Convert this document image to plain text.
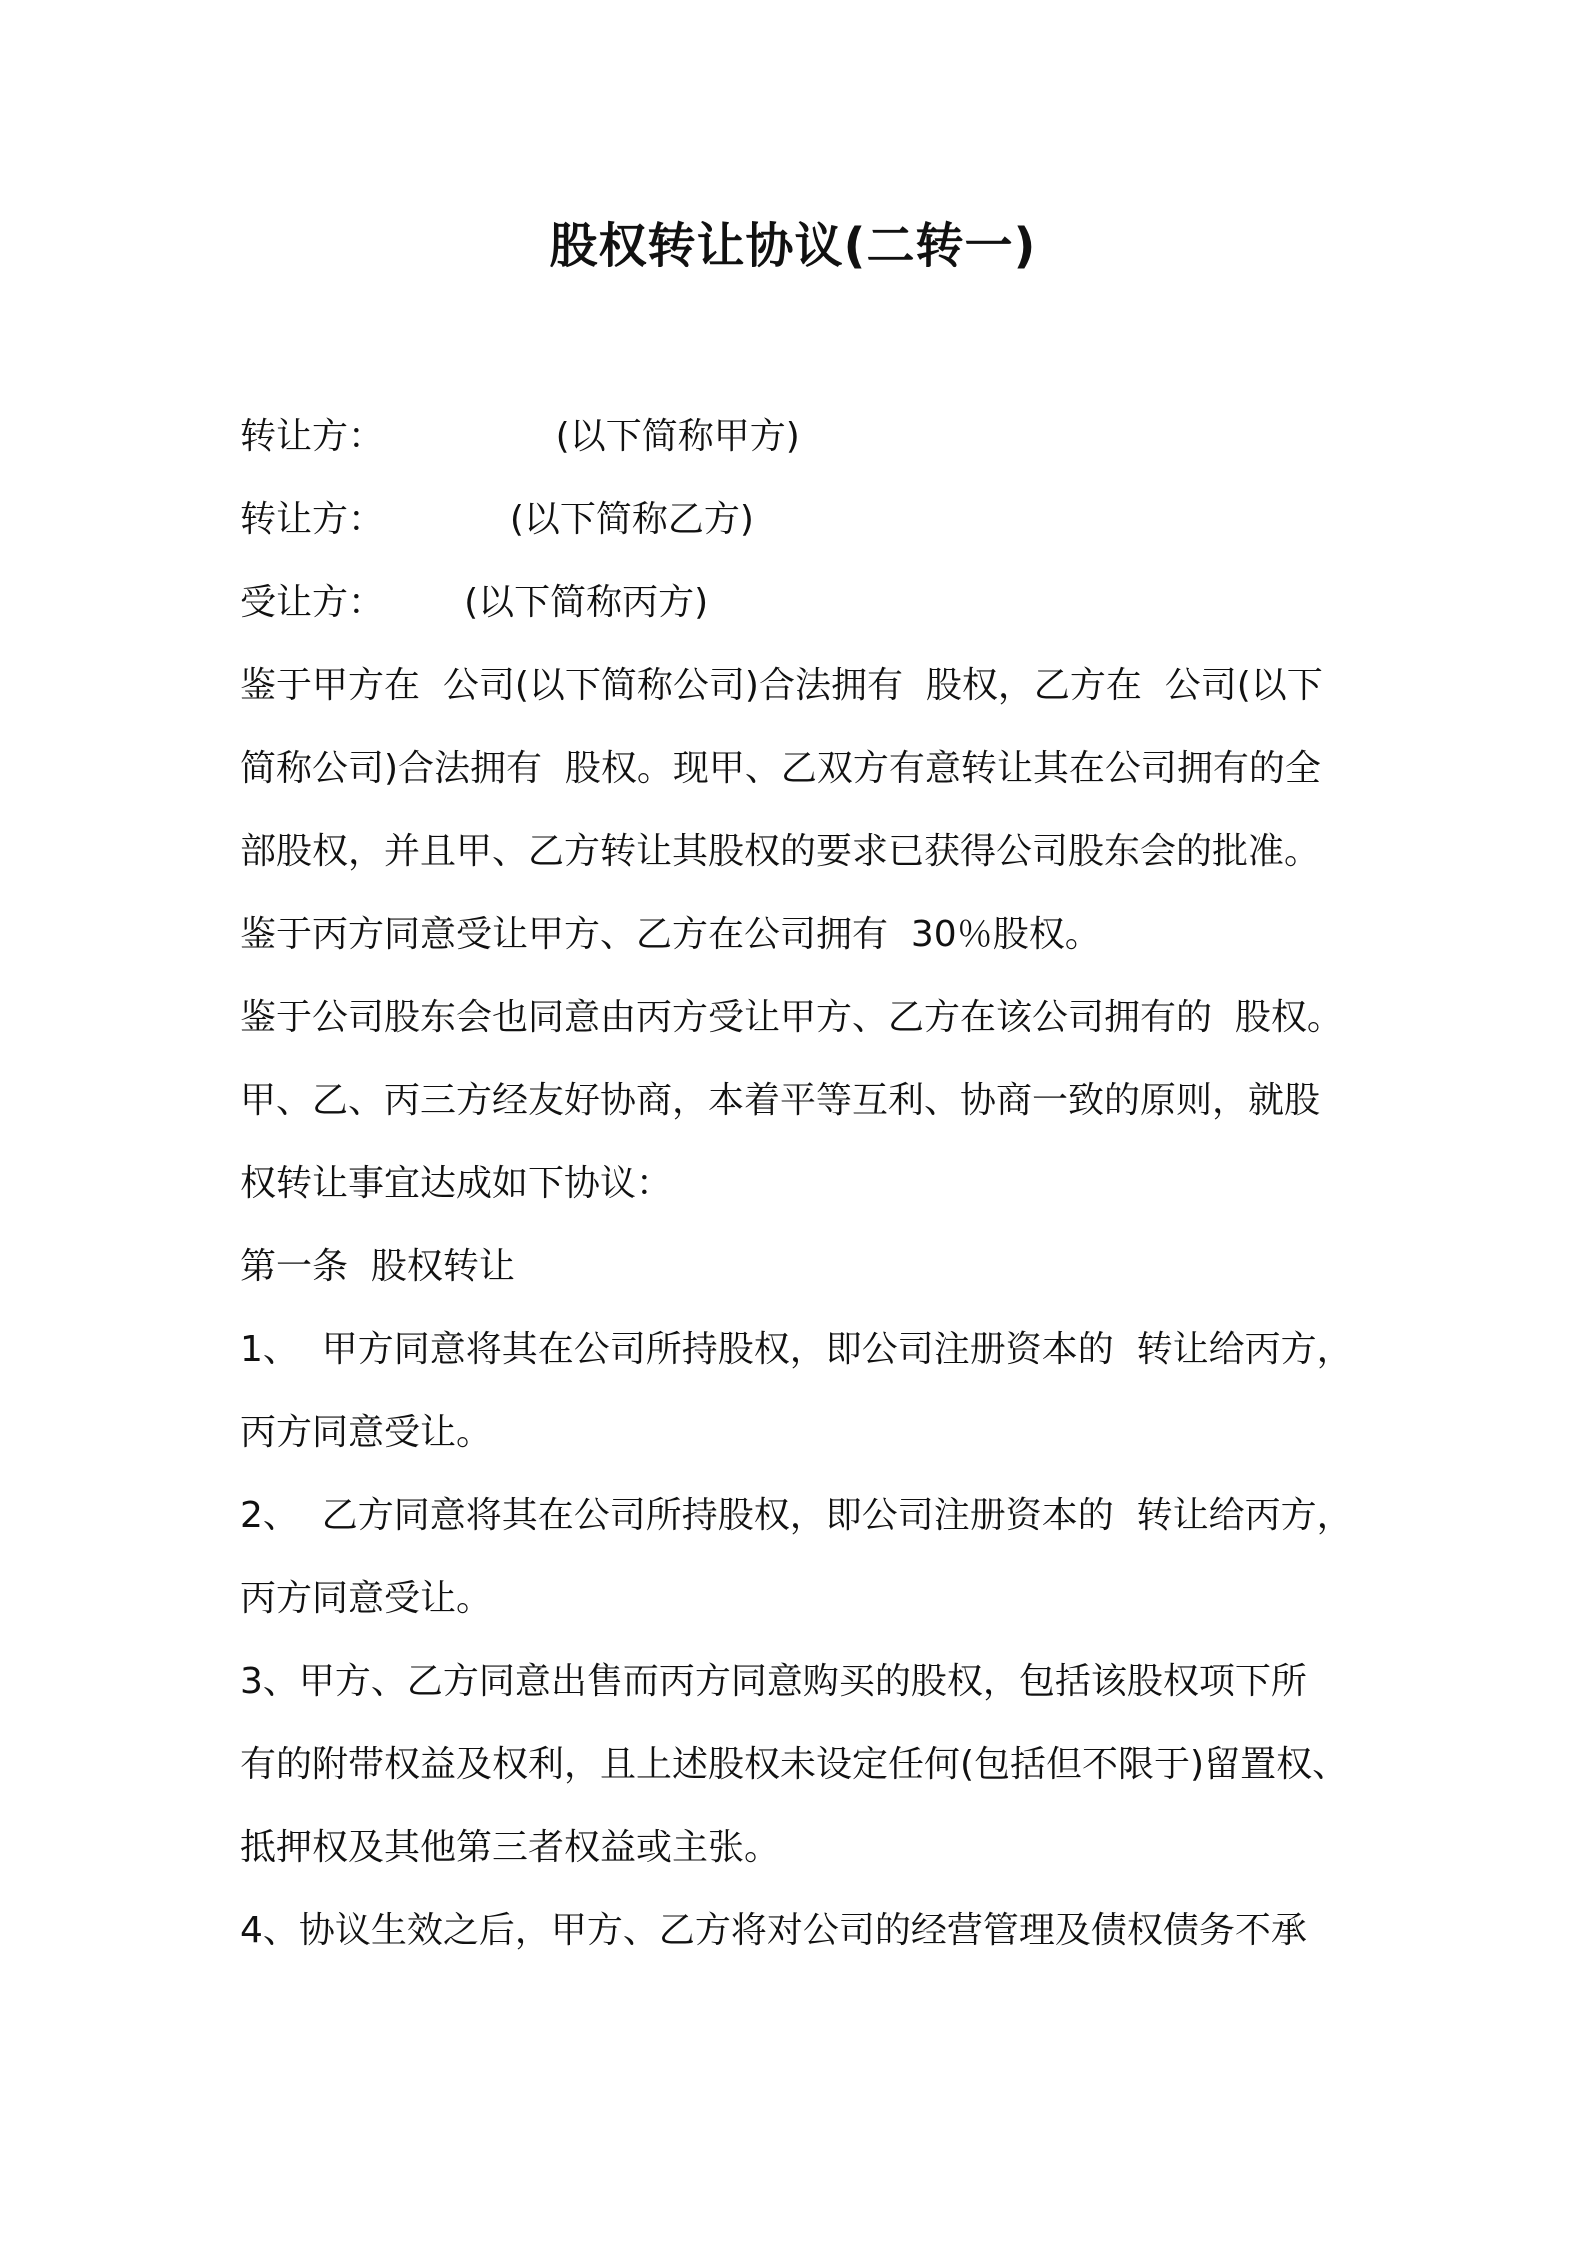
股权转让协议(二转一)
转让方：               (以下简称甲方)
转让方：           (以下简称乙方)
受让方：       (以下简称丙方)
鉴于甲方在  公司(以下简称公司)合法拥有  股权，乙方在  公司(以下
简称公司)合法拥有  股权。现甲、乙双方有意转让其在公司拥有的全
部股权，并且甲、乙方转让其股权的要求已获得公司股东会的批准。
鉴于丙方同意受让甲方、乙方在公司拥有  30％股权。
鉴于公司股东会也同意由丙方受让甲方、乙方在该公司拥有的  股权。
甲、乙、丙三方经友好协商，本着平等互利、协商一致的原则，就股
权转让事宜达成如下协议：
第一条  股权转让
1、  甲方同意将其在公司所持股权，即公司注册资本的  转让给丙方，
丙方同意受让。
2、  乙方同意将其在公司所持股权，即公司注册资本的  转让给丙方，
丙方同意受让。
3、甲方、乙方同意出售而丙方同意购买的股权，包括该股权项下所
有的附带权益及权利，且上述股权未设定任何(包括但不限于)留置权、
抵押权及其他第三者权益或主张。
4、协议生效之后，甲方、乙方将对公司的经营管理及债权债务不承
